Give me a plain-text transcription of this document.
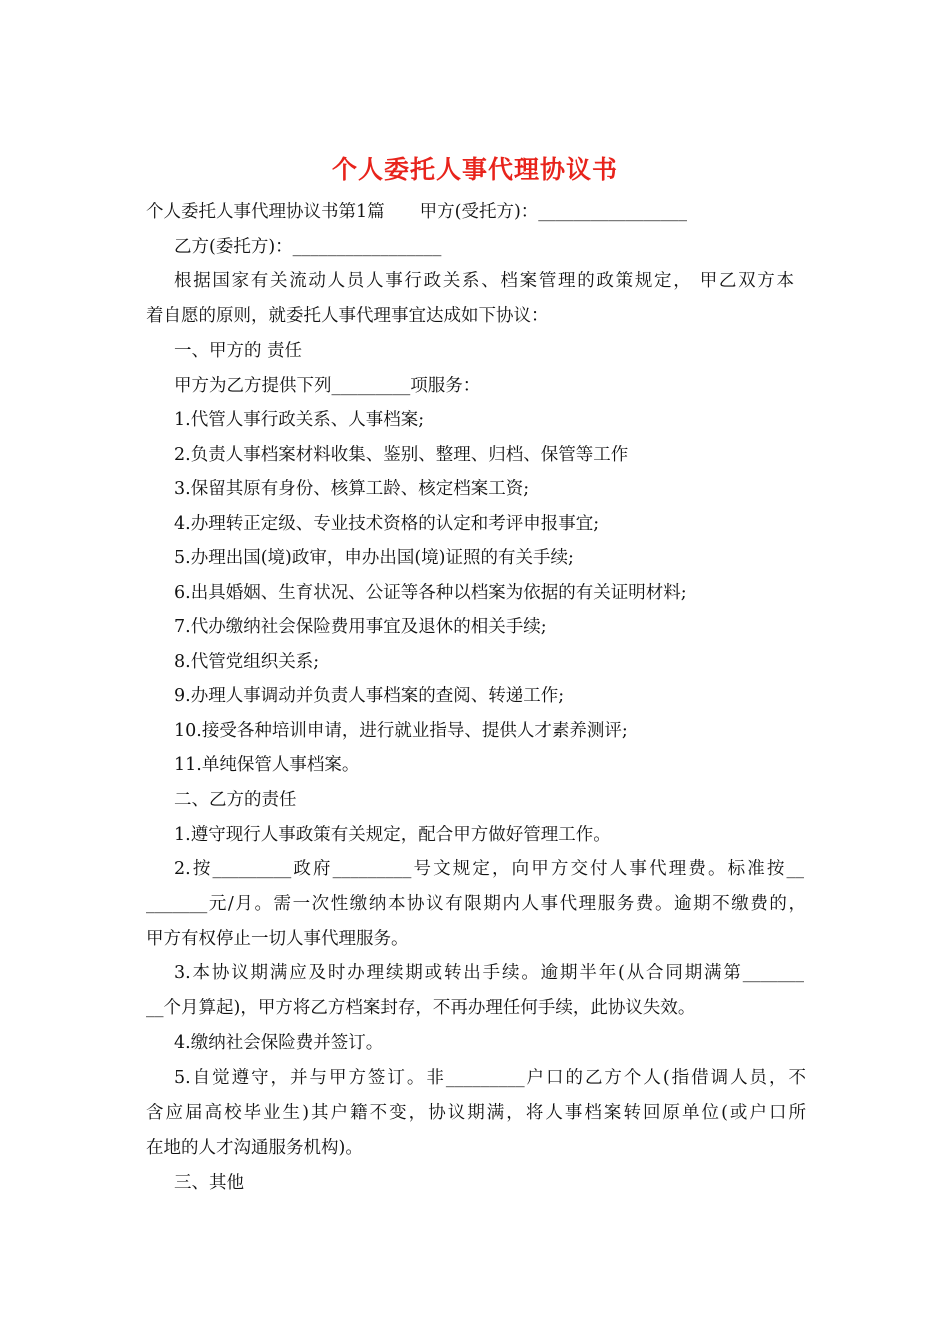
个人委托人事代理协议书
个人委托人事代理协议书第1篇　　甲方(受托方)：_________________
乙方(委托方)：_________________
根据国家有关流动人员人事行政关系、档案管理的政策规定， 甲乙双方本
着自愿的原则，就委托人事代理事宜达成如下协议：
一、甲方的 责任
甲方为乙方提供下列_________项服务：
1.代管人事行政关系、人事档案;
2.负责人事档案材料收集、鉴别、整理、归档、保管等工作
3.保留其原有身份、核算工龄、核定档案工资;
4.办理转正定级、专业技术资格的认定和考评申报事宜;
5.办理出国(境)政审，申办出国(境)证照的有关手续;
6.出具婚姻、生育状况、公证等各种以档案为依据的有关证明材料;
7.代办缴纳社会保险费用事宜及退休的相关手续;
8.代管党组织关系;
9.办理人事调动并负责人事档案的查阅、转递工作;
10.接受各种培训申请，进行就业指导、提供人才素养测评;
11.单纯保管人事档案。
二、乙方的责任
1.遵守现行人事政策有关规定，配合甲方做好管理工作。
2.按_________政府_________号文规定，向甲方交付人事代理费。标准按__
_______元/月。需一次性缴纳本协议有限期内人事代理服务费。逾期不缴费的，
甲方有权停止一切人事代理服务。
3.本协议期满应及时办理续期或转出手续。逾期半年(从合同期满第_______
__个月算起)，甲方将乙方档案封存，不再办理任何手续，此协议失效。
4.缴纳社会保险费并签订。
5.自觉遵守，并与甲方签订。非_________户口的乙方个人(指借调人员，不
含应届高校毕业生)其户籍不变，协议期满，将人事档案转回原单位(或户口所
在地的人才沟通服务机构)。
三、其他
